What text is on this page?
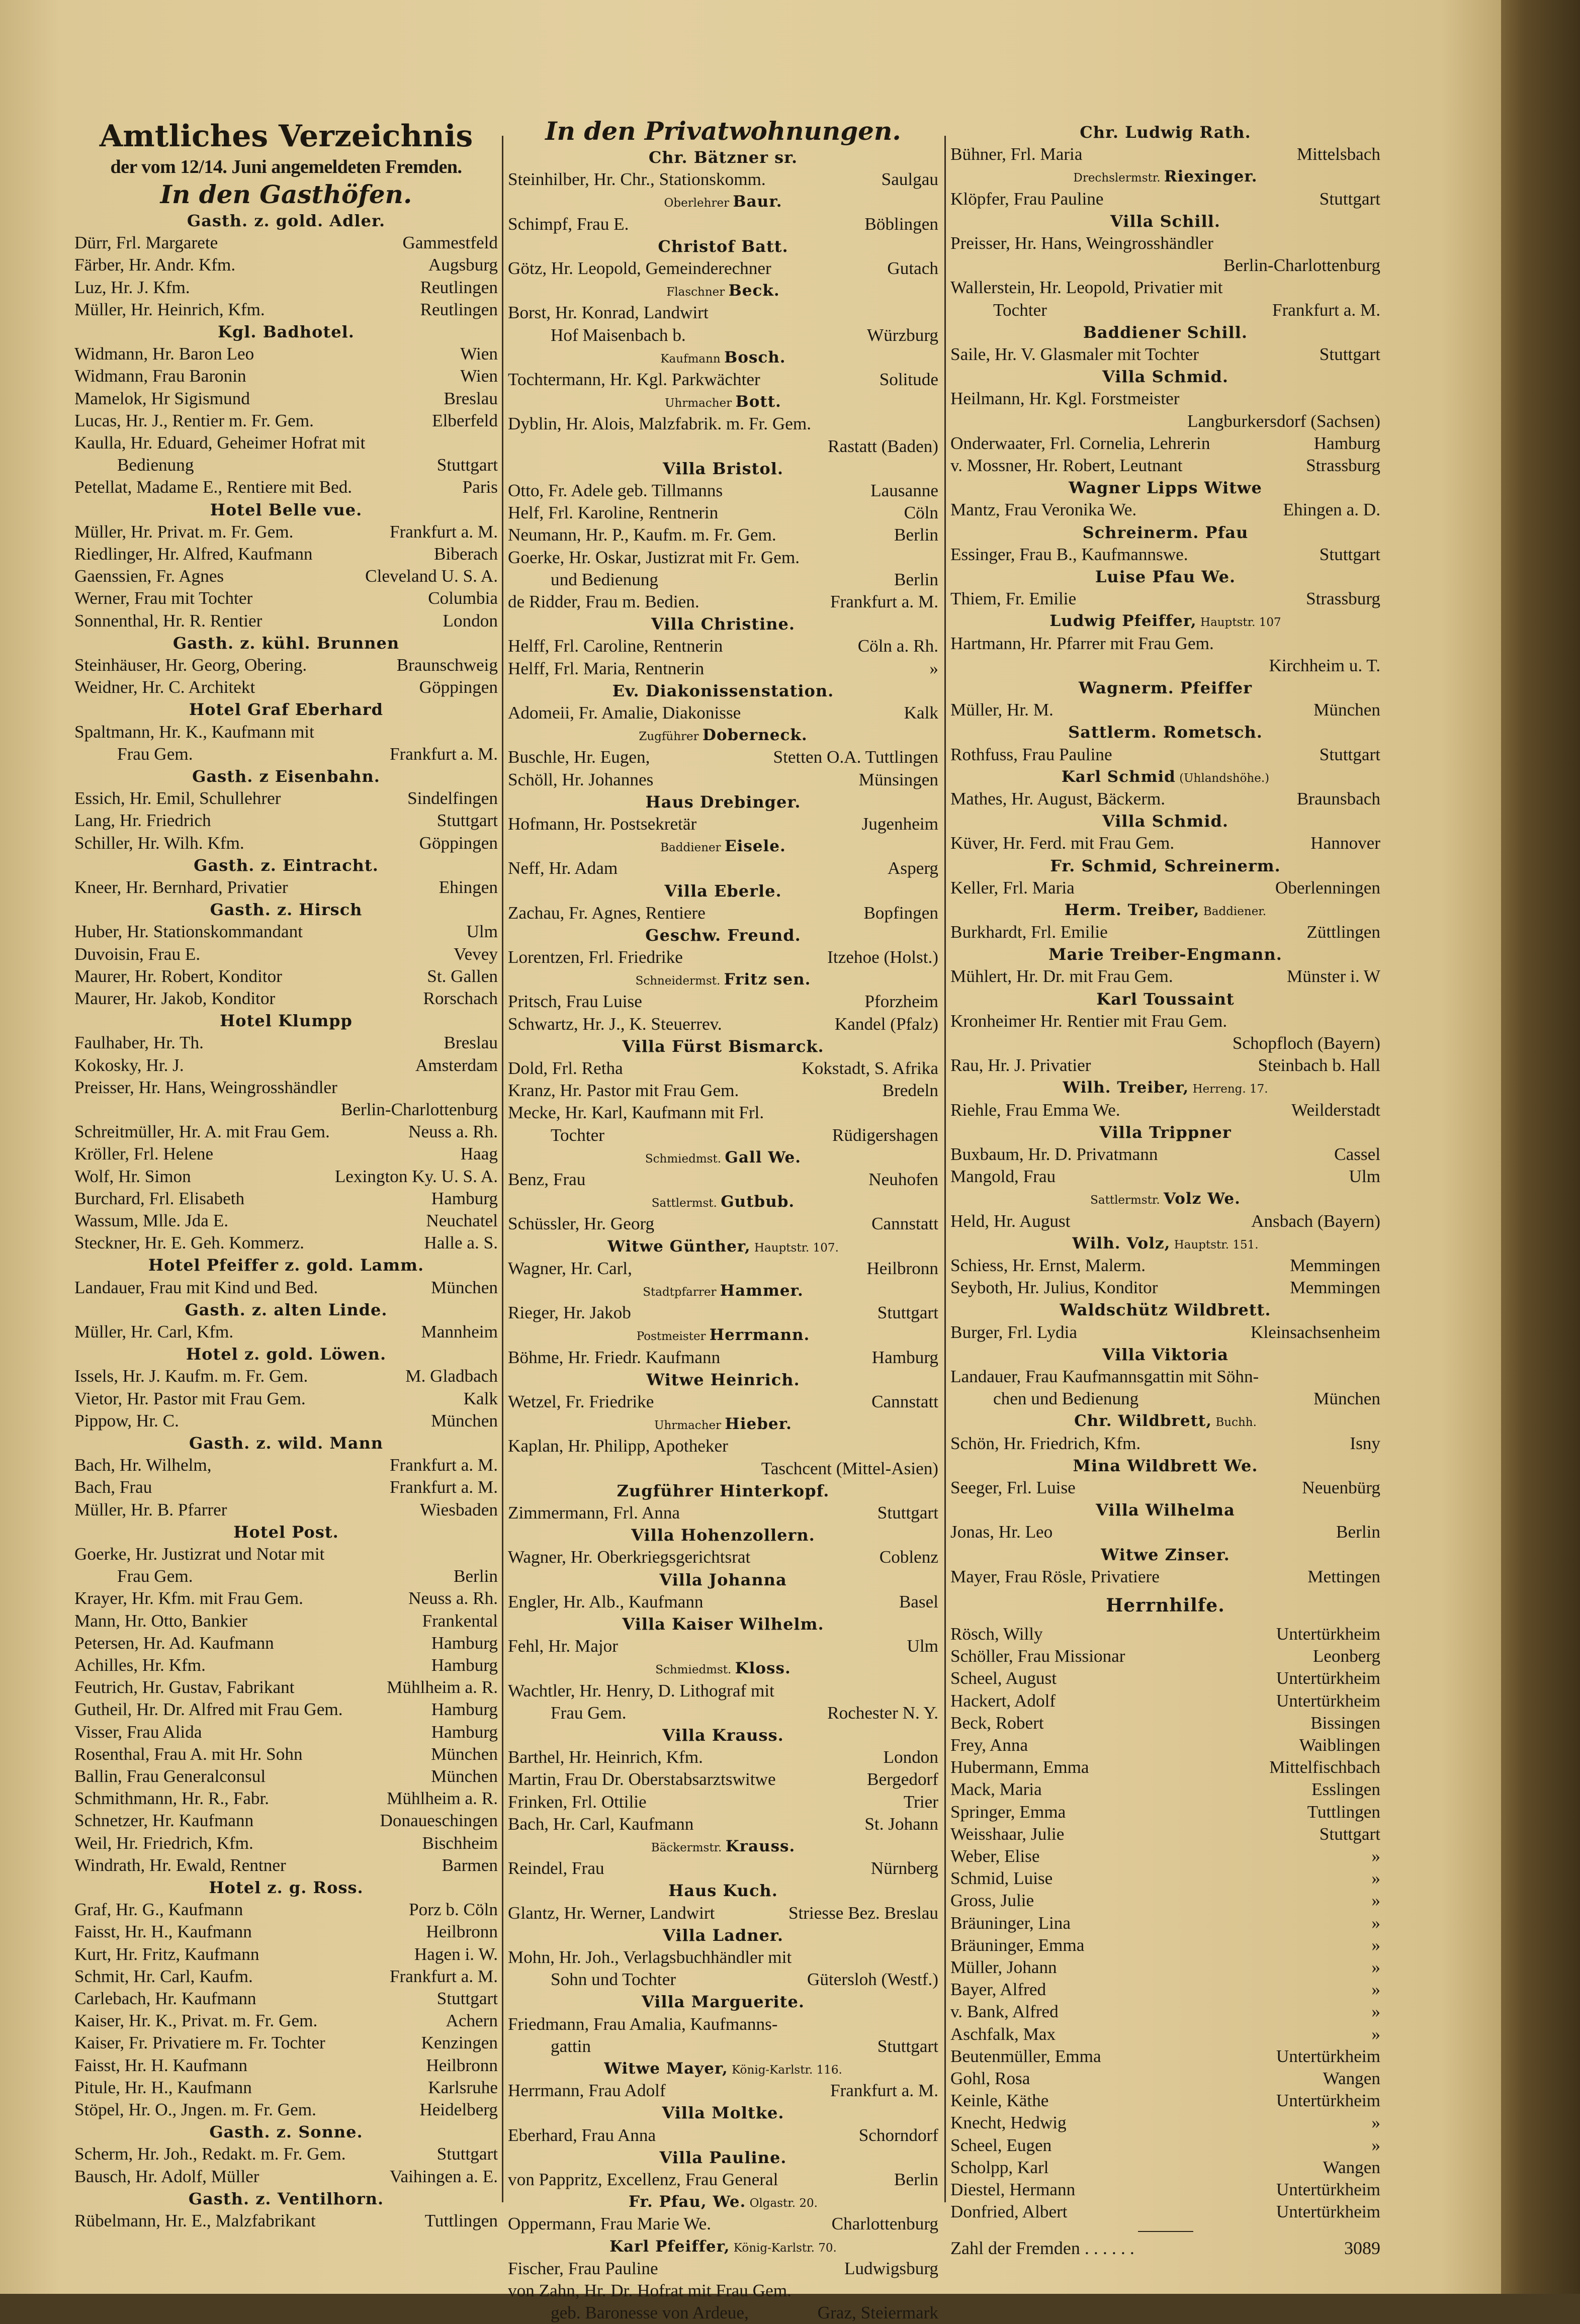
Amtliches Verzeichnis
der vom 12/14. Juni angemeldeten Fremden.
In den Gasthöfen.
Gasth. z. gold. Adler.
Dürr, Frl. Margarete	Gammestfeld
Färber, Hr. Andr. Kfm.	Augsburg
Luz, Hr. J. Kfm.	Reutlingen
Müller, Hr. Heinrich, Kfm.	Reutlingen
Kgl. Badhotel.
Widmann, Hr. Baron Leo	Wien
Widmann, Frau Baronin	Wien
Mamelok, Hr Sigismund	Breslau
Lucas, Hr. J., Rentier m. Fr. Gem.	Elberfeld
Kaulla, Hr. Eduard, Geheimer Hofrat mit
Bedienung	Stuttgart
Petellat, Madame E., Rentiere mit Bed.	Paris
Hotel Belle vue.
Müller, Hr. Privat. m. Fr. Gem.	Frankfurt a. M.
Riedlinger, Hr. Alfred, Kaufmann	Biberach
Gaenssien, Fr. Agnes	Cleveland U. S. A.
Werner, Frau mit Tochter	Columbia
Sonnenthal, Hr. R. Rentier	London
Gasth. z. kühl. Brunnen
Steinhäuser, Hr. Georg, Obering.	Braunschweig
Weidner, Hr. C. Architekt	Göppingen
Hotel Graf Eberhard
Spaltmann, Hr. K., Kaufmann mit
Frau Gem.	Frankfurt a. M.
Gasth. z Eisenbahn.
Essich, Hr. Emil, Schullehrer	Sindelfingen
Lang, Hr. Friedrich	Stuttgart
Schiller, Hr. Wilh. Kfm.	Göppingen
Gasth. z. Eintracht.
Kneer, Hr. Bernhard, Privatier	Ehingen
Gasth. z. Hirsch
Huber, Hr. Stationskommandant	Ulm
Duvoisin, Frau E.	Vevey
Maurer, Hr. Robert, Konditor	St. Gallen
Maurer, Hr. Jakob, Konditor	Rorschach
Hotel Klumpp
Faulhaber, Hr. Th.	Breslau
Kokosky, Hr. J.	Amsterdam
Preisser, Hr. Hans, Weingrosshändler
Berlin-Charlottenburg
Schreitmüller, Hr. A. mit Frau Gem.	Neuss a. Rh.
Kröller, Frl. Helene	Haag
Wolf, Hr. Simon	Lexington Ky. U. S. A.
Burchard, Frl. Elisabeth	Hamburg
Wassum, Mlle. Jda E.	Neuchatel
Steckner, Hr. E. Geh. Kommerz.	Halle a. S.
Hotel Pfeiffer z. gold. Lamm.
Landauer, Frau mit Kind und Bed.	München
Gasth. z. alten Linde.
Müller, Hr. Carl, Kfm.	Mannheim
Hotel z. gold. Löwen.
Issels, Hr. J. Kaufm. m. Fr. Gem.	M. Gladbach
Vietor, Hr. Pastor mit Frau Gem.	Kalk
Pippow, Hr. C.	München
Gasth. z. wild. Mann
Bach, Hr. Wilhelm,	Frankfurt a. M.
Bach, Frau	Frankfurt a. M.
Müller, Hr. B. Pfarrer	Wiesbaden
Hotel Post.
Goerke, Hr. Justizrat und Notar mit
Frau Gem.	Berlin
Krayer, Hr. Kfm. mit Frau Gem.	Neuss a. Rh.
Mann, Hr. Otto, Bankier	Frankental
Petersen, Hr. Ad. Kaufmann	Hamburg
Achilles, Hr. Kfm.	Hamburg
Feutrich, Hr. Gustav, Fabrikant	Mühlheim a. R.
Gutheil, Hr. Dr. Alfred mit Frau Gem.	Hamburg
Visser, Frau Alida	Hamburg
Rosenthal, Frau A. mit Hr. Sohn	München
Ballin, Frau Generalconsul	München
Schmithmann, Hr. R., Fabr.	Mühlheim a. R.
Schnetzer, Hr. Kaufmann	Donaueschingen
Weil, Hr. Friedrich, Kfm.	Bischheim
Windrath, Hr. Ewald, Rentner	Barmen
Hotel z. g. Ross.
Graf, Hr. G., Kaufmann	Porz b. Cöln
Faisst, Hr. H., Kaufmann	Heilbronn
Kurt, Hr. Fritz, Kaufmann	Hagen i. W.
Schmit, Hr. Carl, Kaufm.	Frankfurt a. M.
Carlebach, Hr. Kaufmann	Stuttgart
Kaiser, Hr. K., Privat. m. Fr. Gem.	Achern
Kaiser, Fr. Privatiere m. Fr. Tochter	Kenzingen
Faisst, Hr. H. Kaufmann	Heilbronn
Pitule, Hr. H., Kaufmann	Karlsruhe
Stöpel, Hr. O., Jngen. m. Fr. Gem.	Heidelberg
Gasth. z. Sonne.
Scherm, Hr. Joh., Redakt. m. Fr. Gem.	Stuttgart
Bausch, Hr. Adolf, Müller	Vaihingen a. E.
Gasth. z. Ventilhorn.
Rübelmann, Hr. E., Malzfabrikant	Tuttlingen
In den Privatwohnungen.
Chr. Bätzner sr.
Steinhilber, Hr. Chr., Stationskomm.	Saulgau
Oberlehrer Baur.
Schimpf, Frau E.	Böblingen
Christof Batt.
Götz, Hr. Leopold, Gemeinderechner	Gutach
Flaschner Beck.
Borst, Hr. Konrad, Landwirt
Hof Maisenbach b.	Würzburg
Kaufmann Bosch.
Tochtermann, Hr. Kgl. Parkwächter	Solitude
Uhrmacher Bott.
Dyblin, Hr. Alois, Malzfabrik. m. Fr. Gem.
Rastatt (Baden)
Villa Bristol.
Otto, Fr. Adele geb. Tillmanns	Lausanne
Helf, Frl. Karoline, Rentnerin	Cöln
Neumann, Hr. P., Kaufm. m. Fr. Gem.	Berlin
Goerke, Hr. Oskar, Justizrat mit Fr. Gem.
und Bedienung	Berlin
de Ridder, Frau m. Bedien.	Frankfurt a. M.
Villa Christine.
Helff, Frl. Caroline, Rentnerin	Cöln a. Rh.
Helff, Frl. Maria, Rentnerin	»
Ev. Diakonissenstation.
Adomeii, Fr. Amalie, Diakonisse	Kalk
Zugführer Doberneck.
Buschle, Hr. Eugen,	Stetten O.A. Tuttlingen
Schöll, Hr. Johannes	Münsingen
Haus Drebinger.
Hofmann, Hr. Postsekretär	Jugenheim
Baddiener Eisele.
Neff, Hr. Adam	Asperg
Villa Eberle.
Zachau, Fr. Agnes, Rentiere	Bopfingen
Geschw. Freund.
Lorentzen, Frl. Friedrike	Itzehoe (Holst.)
Schneidermst. Fritz sen.
Pritsch, Frau Luise	Pforzheim
Schwartz, Hr. J., K. Steuerrev.	Kandel (Pfalz)
Villa Fürst Bismarck.
Dold, Frl. Retha	Kokstadt, S. Afrika
Kranz, Hr. Pastor mit Frau Gem.	Bredeln
Mecke, Hr. Karl, Kaufmann mit Frl.
Tochter	Rüdigershagen
Schmiedmst. Gall We.
Benz, Frau	Neuhofen
Sattlermst. Gutbub.
Schüssler, Hr. Georg	Cannstatt
Witwe Günther, Hauptstr. 107.
Wagner, Hr. Carl,	Heilbronn
Stadtpfarrer Hammer.
Rieger, Hr. Jakob	Stuttgart
Postmeister Herrmann.
Böhme, Hr. Friedr. Kaufmann	Hamburg
Witwe Heinrich.
Wetzel, Fr. Friedrike	Cannstatt
Uhrmacher Hieber.
Kaplan, Hr. Philipp, Apotheker
Taschcent (Mittel-Asien)
Zugführer Hinterkopf.
Zimmermann, Frl. Anna	Stuttgart
Villa Hohenzollern.
Wagner, Hr. Oberkriegsgerichtsrat	Coblenz
Villa Johanna
Engler, Hr. Alb., Kaufmann	Basel
Villa Kaiser Wilhelm.
Fehl, Hr. Major	Ulm
Schmiedmst. Kloss.
Wachtler, Hr. Henry, D. Lithograf mit
Frau Gem.	Rochester N. Y.
Villa Krauss.
Barthel, Hr. Heinrich, Kfm.	London
Martin, Frau Dr. Oberstabsarztswitwe	Bergedorf
Frinken, Frl. Ottilie	Trier
Bach, Hr. Carl, Kaufmann	St. Johann
Bäckermstr. Krauss.
Reindel, Frau	Nürnberg
Haus Kuch.
Glantz, Hr. Werner, Landwirt	Striesse Bez. Breslau
Villa Ladner.
Mohn, Hr. Joh., Verlagsbuchhändler mit
Sohn und Tochter	Gütersloh (Westf.)
Villa Marguerite.
Friedmann, Frau Amalia, Kaufmanns-
gattin	Stuttgart
Witwe Mayer, König-Karlstr. 116.
Herrmann, Frau Adolf	Frankfurt a. M.
Villa Moltke.
Eberhard, Frau Anna	Schorndorf
Villa Pauline.
von Pappritz, Excellenz, Frau General	Berlin
Fr. Pfau, We. Olgastr. 20.
Oppermann, Frau Marie We.	Charlottenburg
Karl Pfeiffer, König-Karlstr. 70.
Fischer, Frau Pauline	Ludwigsburg
von Zahn, Hr. Dr. Hofrat mit Frau Gem.
geb. Baronesse von Ardeue,	Graz, Steiermark
Chr. Ludwig Rath.
Bühner, Frl. Maria	Mittelsbach
Drechslermstr. Riexinger.
Klöpfer, Frau Pauline	Stuttgart
Villa Schill.
Preisser, Hr. Hans, Weingrosshändler
Berlin-Charlottenburg
Wallerstein, Hr. Leopold, Privatier mit
Tochter	Frankfurt a. M.
Baddiener Schill.
Saile, Hr. V. Glasmaler mit Tochter	Stuttgart
Villa Schmid.
Heilmann, Hr. Kgl. Forstmeister
Langburkersdorf (Sachsen)
Onderwaater, Frl. Cornelia, Lehrerin	Hamburg
v. Mossner, Hr. Robert, Leutnant	Strassburg
Wagner Lipps Witwe
Mantz, Frau Veronika We.	Ehingen a. D.
Schreinerm. Pfau
Essinger, Frau B., Kaufmannswe.	Stuttgart
Luise Pfau We.
Thiem, Fr. Emilie	Strassburg
Ludwig Pfeiffer, Hauptstr. 107
Hartmann, Hr. Pfarrer mit Frau Gem.
Kirchheim u. T.
Wagnerm. Pfeiffer
Müller, Hr. M.	München
Sattlerm. Rometsch.
Rothfuss, Frau Pauline	Stuttgart
Karl Schmid (Uhlandshöhe.)
Mathes, Hr. August, Bäckerm.	Braunsbach
Villa Schmid.
Küver, Hr. Ferd. mit Frau Gem.	Hannover
Fr. Schmid, Schreinerm.
Keller, Frl. Maria	Oberlenningen
Herm. Treiber, Baddiener.
Burkhardt, Frl. Emilie	Züttlingen
Marie Treiber-Engmann.
Mühlert, Hr. Dr. mit Frau Gem.	Münster i. W
Karl Toussaint
Kronheimer Hr. Rentier mit Frau Gem.
Schopfloch (Bayern)
Rau, Hr. J. Privatier	Steinbach b. Hall
Wilh. Treiber, Herreng. 17.
Riehle, Frau Emma We.	Weilderstadt
Villa Trippner
Buxbaum, Hr. D. Privatmann	Cassel
Mangold, Frau	Ulm
Sattlermstr. Volz We.
Held, Hr. August	Ansbach (Bayern)
Wilh. Volz, Hauptstr. 151.
Schiess, Hr. Ernst, Malerm.	Memmingen
Seyboth, Hr. Julius, Konditor	Memmingen
Waldschütz Wildbrett.
Burger, Frl. Lydia	Kleinsachsenheim
Villa Viktoria
Landauer, Frau Kaufmannsgattin mit Söhn-
chen und Bedienung	München
Chr. Wildbrett, Buchh.
Schön, Hr. Friedrich, Kfm.	Isny
Mina Wildbrett We.
Seeger, Frl. Luise	Neuenbürg
Villa Wilhelma
Jonas, Hr. Leo	Berlin
Witwe Zinser.
Mayer, Frau Rösle, Privatiere	Mettingen
Herrnhilfe.
Rösch, Willy	Untertürkheim
Schöller, Frau Missionar	Leonberg
Scheel, August	Untertürkheim
Hackert, Adolf	Untertürkheim
Beck, Robert	Bissingen
Frey, Anna	Waiblingen
Hubermann, Emma	Mittelfischbach
Mack, Maria	Esslingen
Springer, Emma	Tuttlingen
Weisshaar, Julie	Stuttgart
Weber, Elise	»
Schmid, Luise	»
Gross, Julie	»
Bräuninger, Lina	»
Bräuninger, Emma	»
Müller, Johann	»
Bayer, Alfred	»
v. Bank, Alfred	»
Aschfalk, Max	»
Beutenmüller, Emma	Untertürkheim
Gohl, Rosa	Wangen
Keinle, Käthe	Untertürkheim
Knecht, Hedwig	»
Scheel, Eugen	»
Scholpp, Karl	Wangen
Diestel, Hermann	Untertürkheim
Donfried, Albert	Untertürkheim
Zahl der Fremden . . . . . .	3089
